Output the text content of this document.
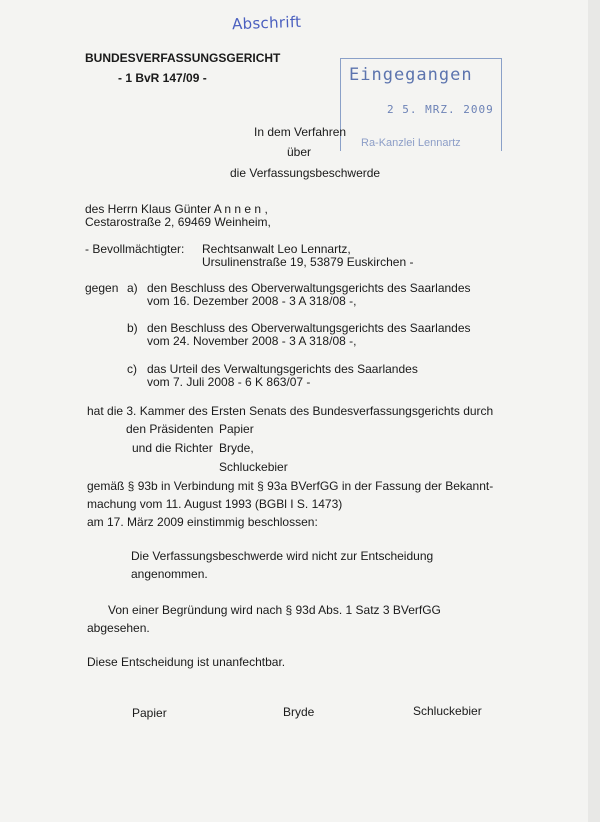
Abschrift
BUNDESVERFASSUNGSGERICHT
- 1 BvR 147/09 -	Eingegangen
2 5. MRZ. 2009
Ra-Kanzlei Lennartz
In dem Verfahren
über
die Verfassungsbeschwerde
des Herrn Klaus Günter A n n e n ,
Cestarostraße 2, 69469 Weinheim,
- Bevollmächtigter: Rechtsanwalt Leo Lennartz,
Ursulinenstraße 19, 53879 Euskirchen -
gegen a) den Beschluss des Oberverwaltungsgerichts des Saarlandes
vom 16. Dezember 2008 - 3 A 318/08 -,
b) den Beschluss des Oberverwaltungsgerichts des Saarlandes
vom 24. November 2008 - 3 A 318/08 -,
c) das Urteil des Verwaltungsgerichts des Saarlandes
vom 7. Juli 2008 - 6 K 863/07 -
hat die 3. Kammer des Ersten Senats des Bundesverfassungsgerichts durch
den Präsidenten Papier
und die Richter Bryde,
Schluckebier
gemäß § 93b in Verbindung mit § 93a BVerfGG in der Fassung der Bekannt-
machung vom 11. August 1993 (BGBl I S. 1473)
am 17. März 2009 einstimmig beschlossen:
Die Verfassungsbeschwerde wird nicht zur Entscheidung
angenommen.
Von einer Begründung wird nach § 93d Abs. 1 Satz 3 BVerfGG
abgesehen.
Diese Entscheidung ist unanfechtbar.
Papier	Bryde	Schluckebier
